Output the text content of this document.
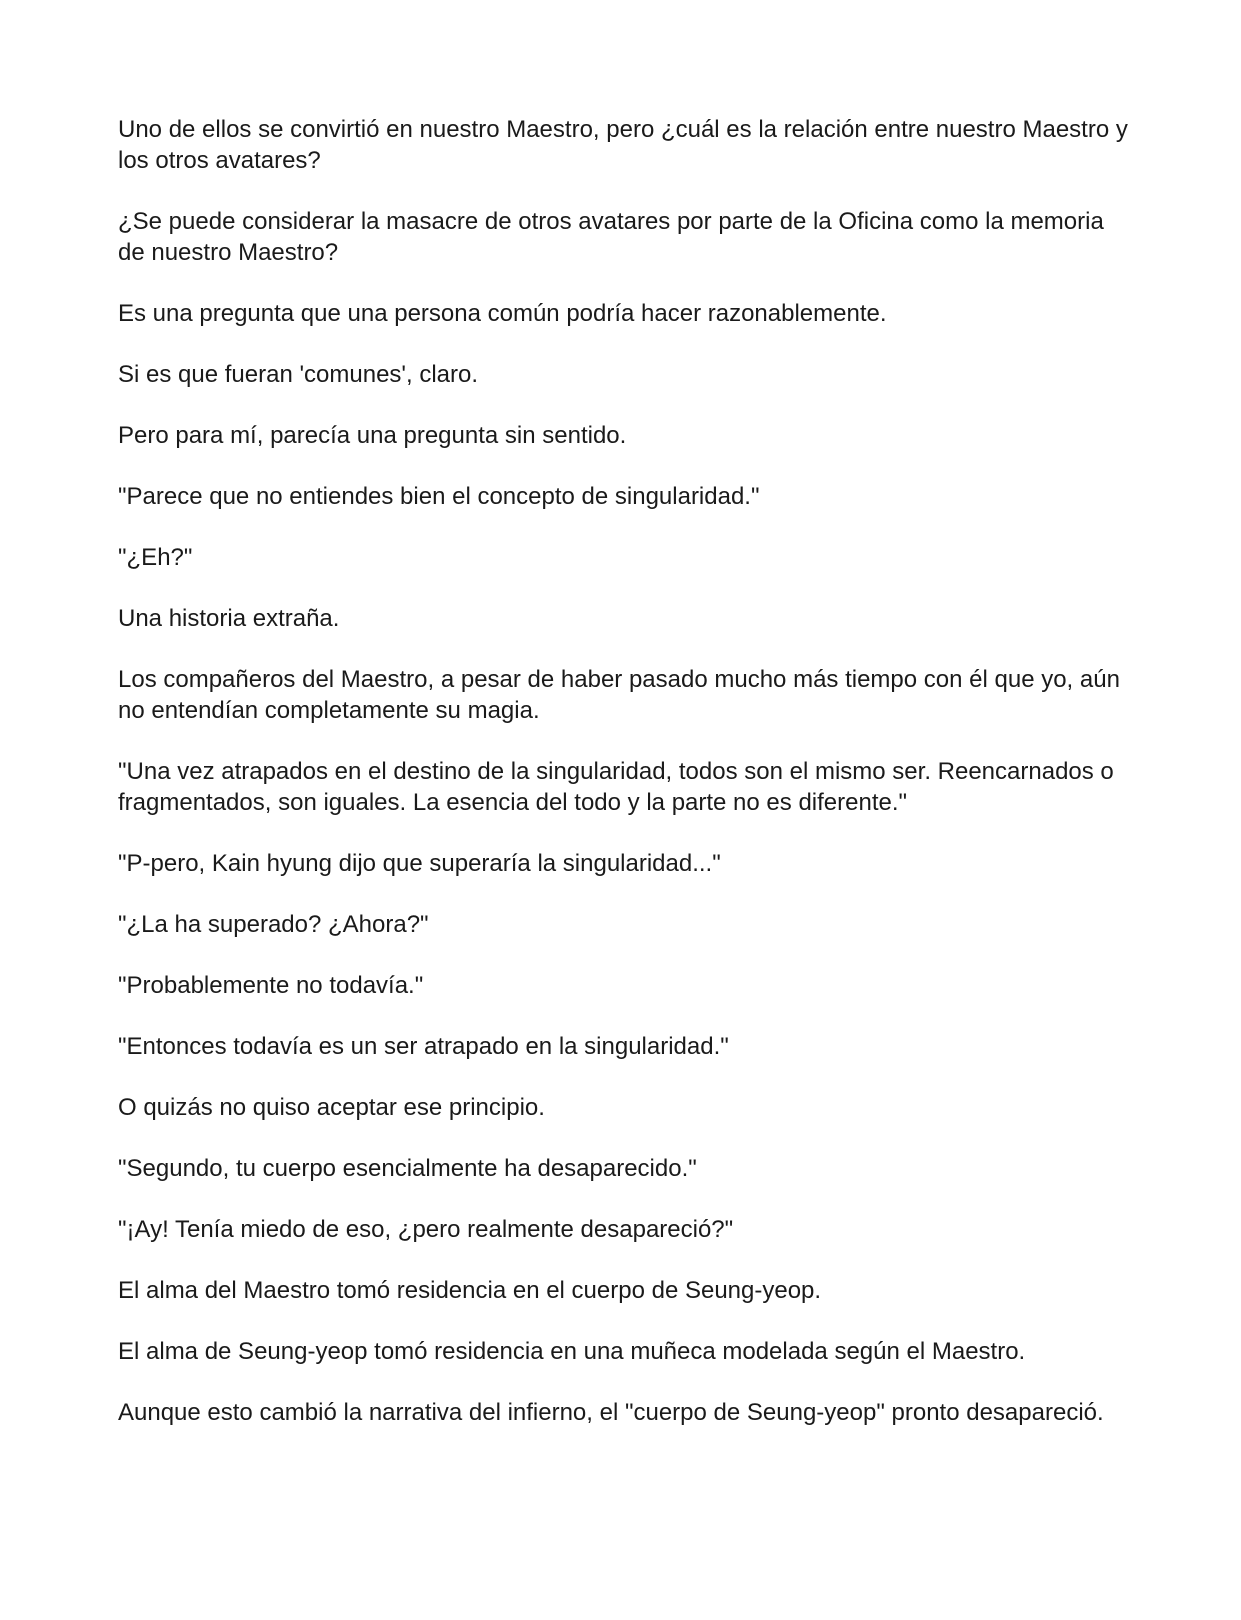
Uno de ellos se convirtió en nuestro Maestro, pero ¿cuál es la relación entre nuestro Maestro y los otros avatares?

¿Se puede considerar la masacre de otros avatares por parte de la Oficina como la memoria de nuestro Maestro?

Es una pregunta que una persona común podría hacer razonablemente.

Si es que fueran 'comunes', claro.

Pero para mí, parecía una pregunta sin sentido.

"Parece que no entiendes bien el concepto de singularidad."

"¿Eh?"

Una historia extraña.

Los compañeros del Maestro, a pesar de haber pasado mucho más tiempo con él que yo, aún no entendían completamente su magia.

"Una vez atrapados en el destino de la singularidad, todos son el mismo ser. Reencarnados o fragmentados, son iguales. La esencia del todo y la parte no es diferente."

"P-pero, Kain hyung dijo que superaría la singularidad..."

"¿La ha superado? ¿Ahora?"

"Probablemente no todavía."

"Entonces todavía es un ser atrapado en la singularidad."

O quizás no quiso aceptar ese principio.

"Segundo, tu cuerpo esencialmente ha desaparecido."

"¡Ay! Tenía miedo de eso, ¿pero realmente desapareció?"

El alma del Maestro tomó residencia en el cuerpo de Seung-yeop.

El alma de Seung-yeop tomó residencia en una muñeca modelada según el Maestro.

Aunque esto cambió la narrativa del infierno, el "cuerpo de Seung-yeop" pronto desapareció.
